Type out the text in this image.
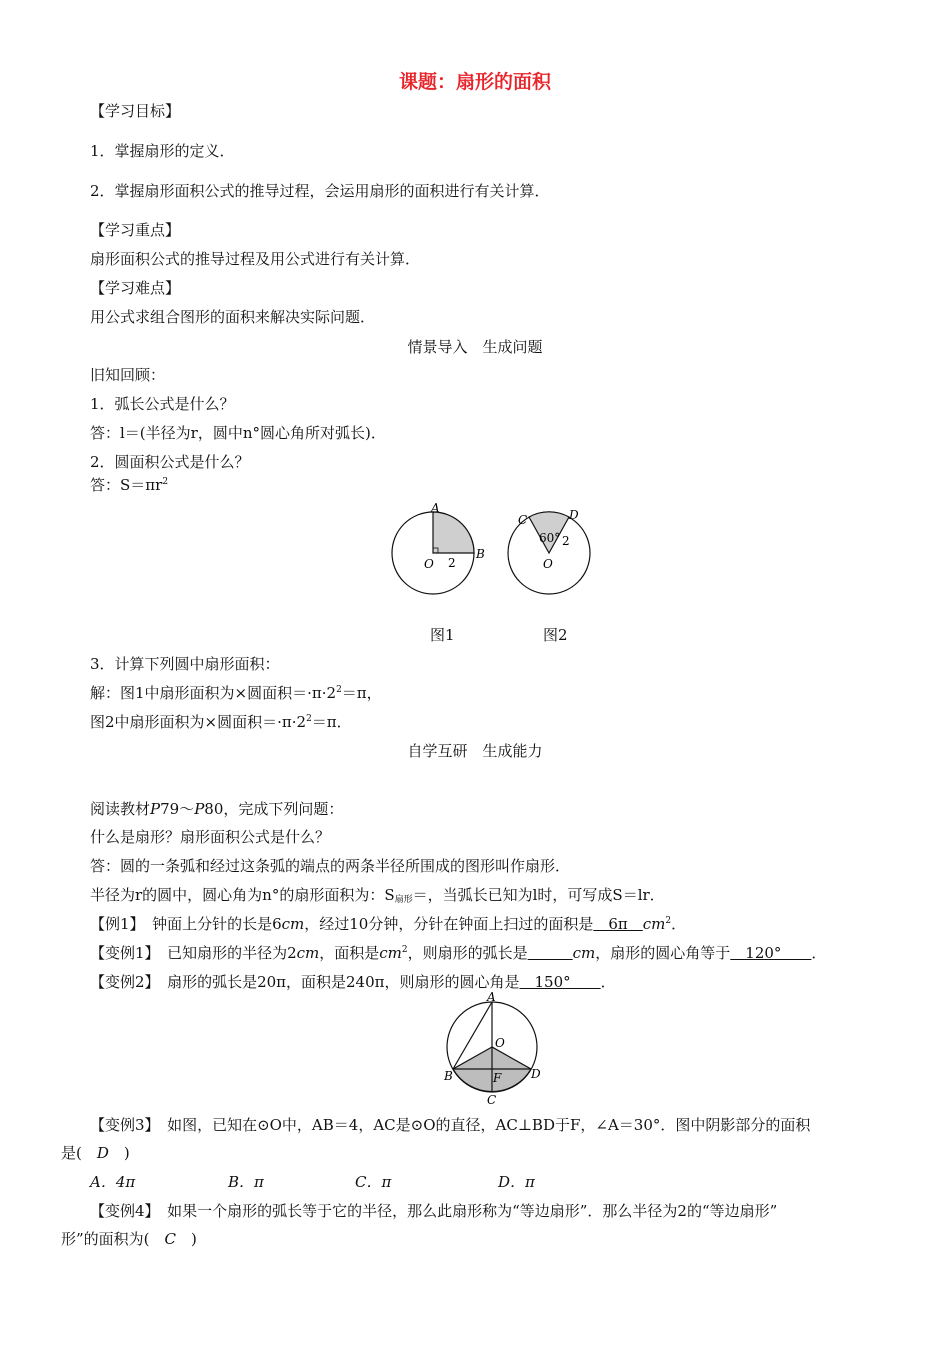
课题：扇形的面积
【学习目标】
1．掌握扇形的定义．
2．掌握扇形面积公式的推导过程，会运用扇形的面积进行有关计算．
【学习重点】
扇形面积公式的推导过程及用公式进行有关计算．
【学习难点】
用公式求组合图形的面积来解决实际问题．
情景导入　生成问题
旧知回顾：
1．弧长公式是什么？
答：l＝(半径为r，圆中n°圆心角所对弧长)．
2．圆面积公式是什么？
答：$S=\pi r^2$
A
B
O 2
C	D
60° 2
O
图1	图2
3．计算下列圆中扇形面积：
解：图1中扇形面积为×圆面积$=\cdot\pi\cdot 2^2=\pi$，
图2中扇形面积为×圆面积$=\cdot\pi\cdot 2^2=\pi$．
自学互研　生成能力
阅读教材P79～P80，完成下列问题：
什么是扇形？扇形面积公式是什么？
答：圆的一条弧和经过这条弧的端点的两条半径所围成的图形叫作扇形．
半径为r的圆中，圆心角为n°的扇形面积为：$S_{扇形}=$，当弧长已知为l时，可写成S＝lr．
【例1】　 钟面上分针的长是6cm，经过10分钟，分针在钟面上扫过的面积是　6π　$cm^2$．
【变例1】　 已知扇形的半径为2cm，面积是$cm^2$，则扇形的弧长是　　　	cm，扇形的圆心角等于　120°　　．
【变例2】　 扇形的弧长是20π，面积是240π，则扇形的圆心角是　150°　　．
A
O
B	F D
C
【变例3】　 如图，已知在⊙O中，AB＝4，AC是⊙O的直径，AC⊥BD于F，∠A＝30°．图中阴影部分的面积
是(　D　)
A．4π	B．π	C．π	D．π
【变例4】　 如果一个扇形的弧长等于它的半径，那么此扇形称为“等边扇形”．那么半径为2的“等边扇形”
形”的面积为(　C　)
